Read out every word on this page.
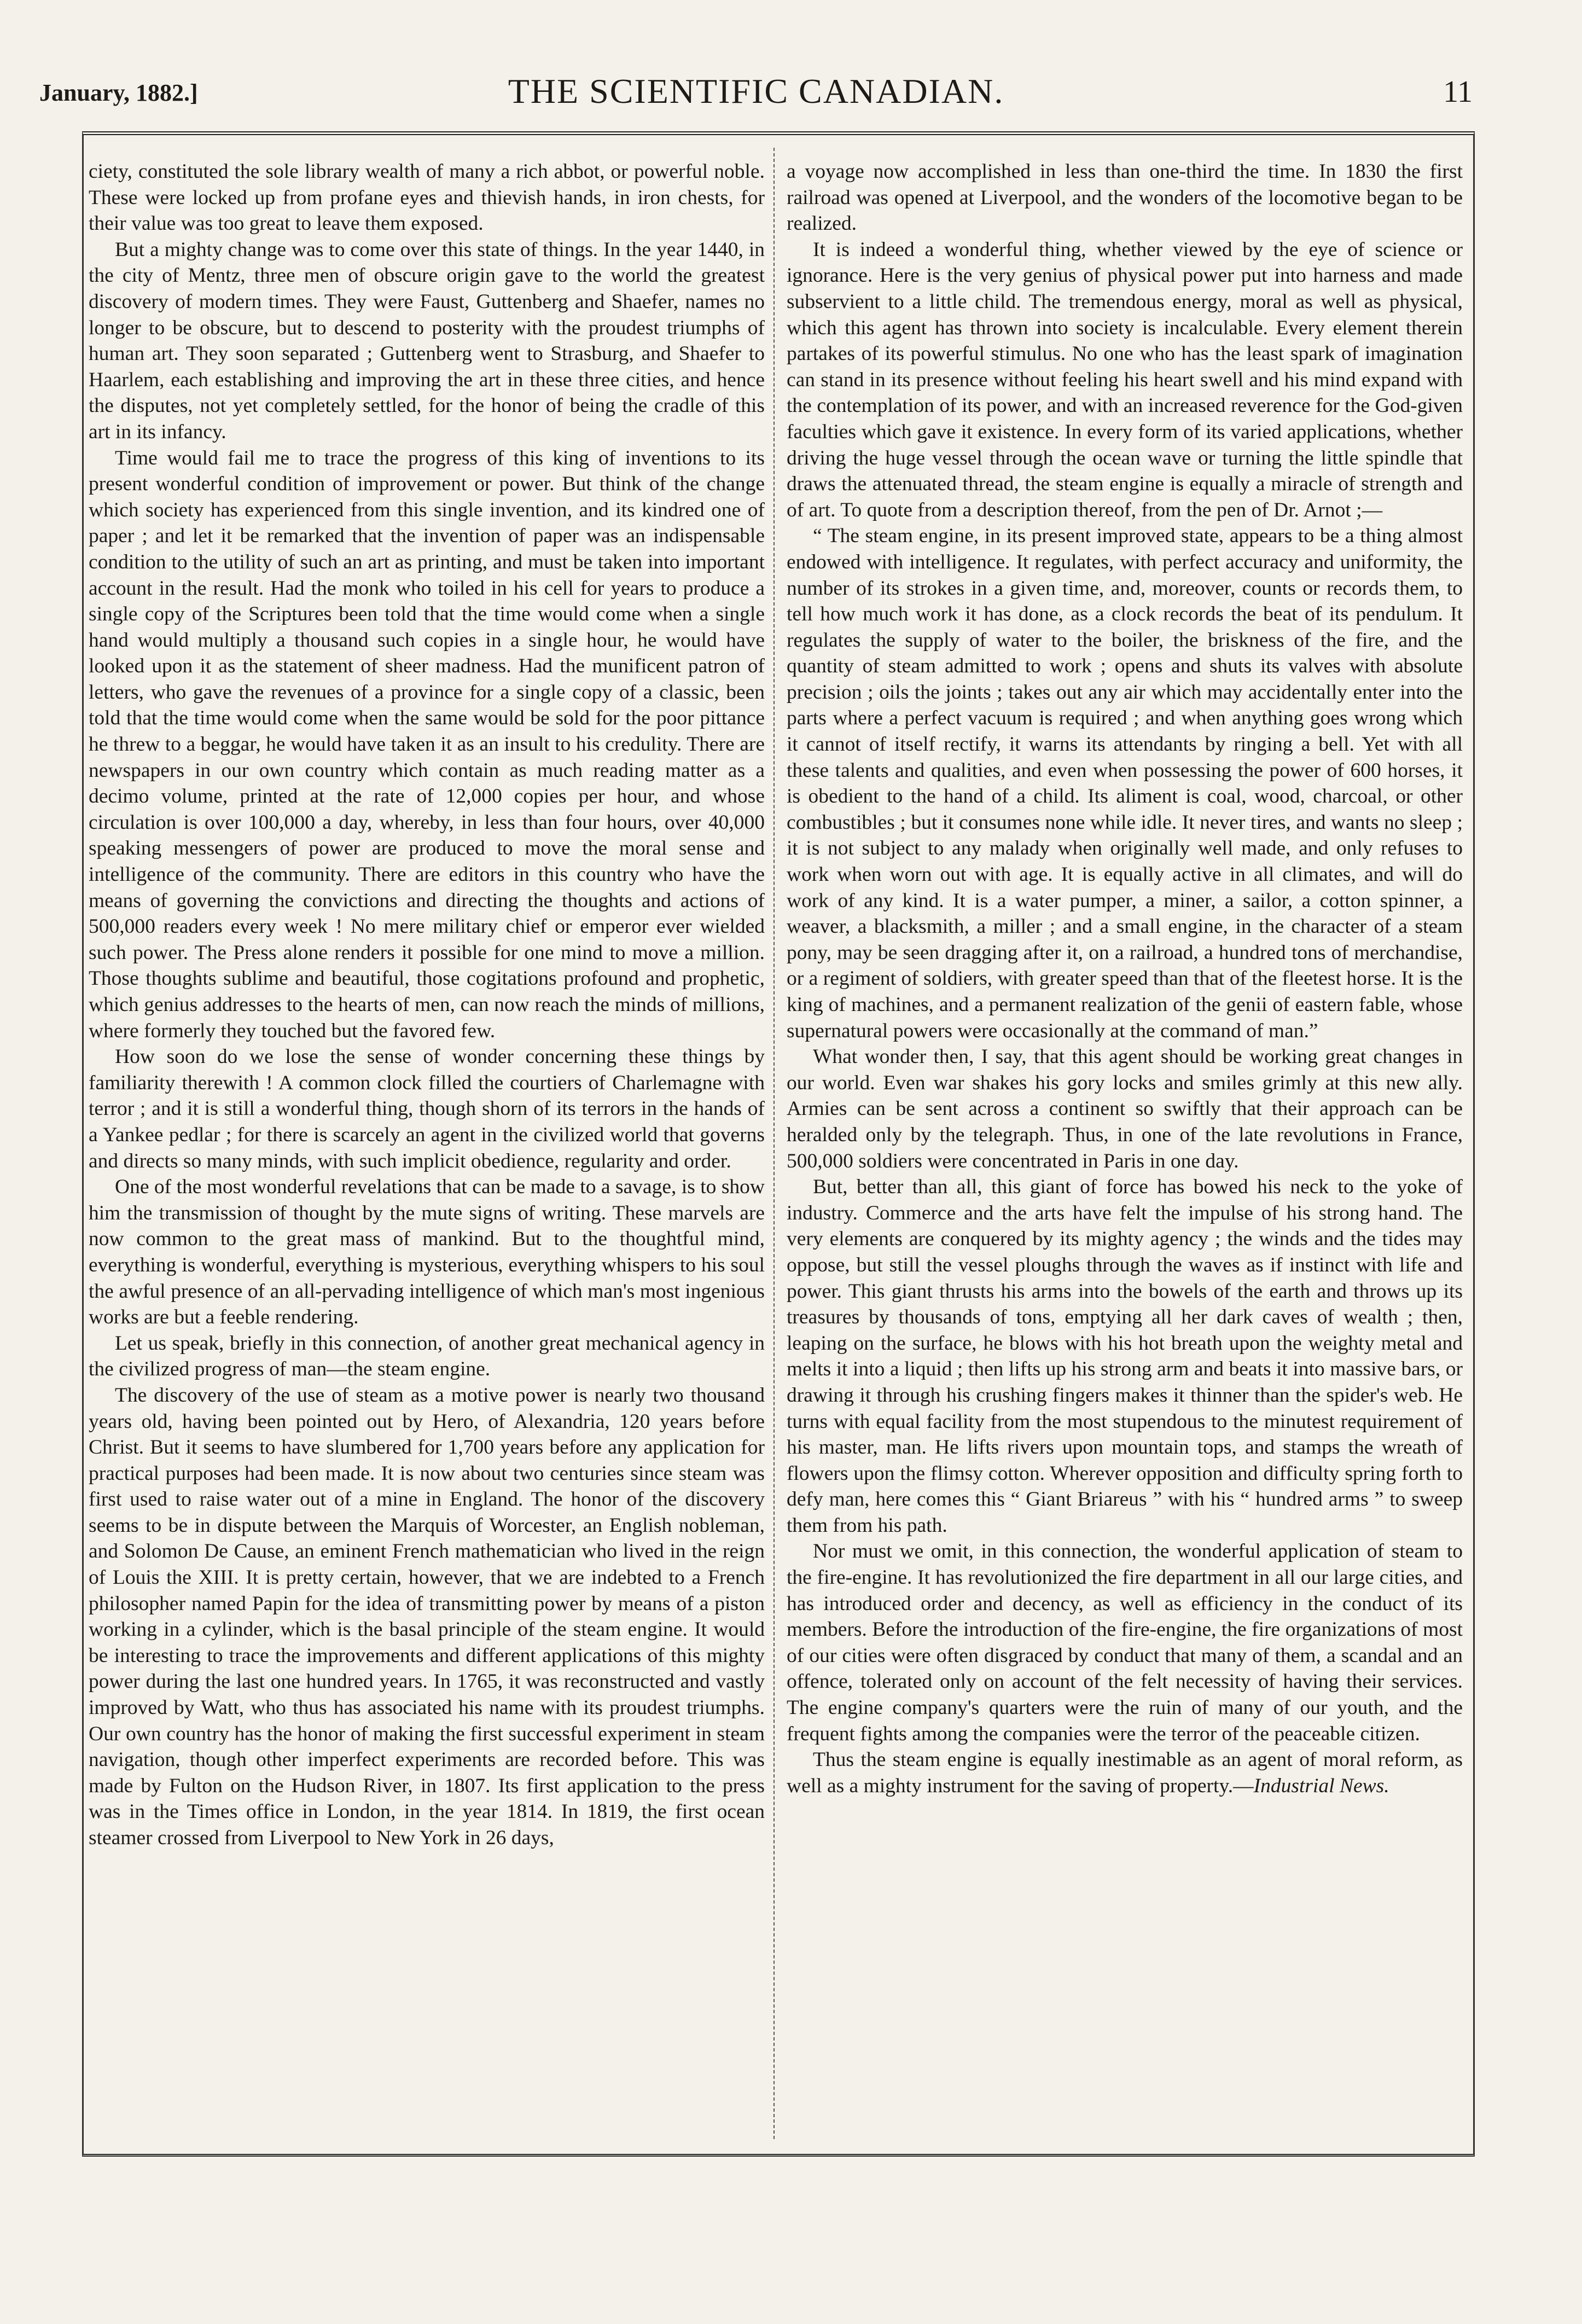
January, 1882.]	THE SCIENTIFIC CANADIAN.	11

ciety, constituted the sole library wealth of many a rich abbot, or powerful noble. These were locked up from profane eyes and thievish hands, in iron chests, for their value was too great to leave them exposed.

But a mighty change was to come over this state of things. In the year 1440, in the city of Mentz, three men of obscure origin gave to the world the greatest discovery of modern times. They were Faust, Guttenberg and Shaefer, names no longer to be obscure, but to descend to posterity with the proudest triumphs of human art. They soon separated ; Guttenberg went to Strasburg, and Shaefer to Haarlem, each establishing and improving the art in these three cities, and hence the disputes, not yet completely settled, for the honor of being the cradle of this art in its infancy.

Time would fail me to trace the progress of this king of inventions to its present wonderful condition of improvement or power. But think of the change which society has experienced from this single invention, and its kindred one of paper ; and let it be remarked that the invention of paper was an indispensable condition to the utility of such an art as printing, and must be taken into important account in the result. Had the monk who toiled in his cell for years to produce a single copy of the Scriptures been told that the time would come when a single hand would multiply a thousand such copies in a single hour, he would have looked upon it as the statement of sheer madness. Had the munificent patron of letters, who gave the revenues of a province for a single copy of a classic, been told that the time would come when the same would be sold for the poor pittance he threw to a beggar, he would have taken it as an insult to his credulity. There are newspapers in our own country which contain as much reading matter as a decimo volume, printed at the rate of 12,000 copies per hour, and whose circulation is over 100,000 a day, whereby, in less than four hours, over 40,000 speaking messengers of power are produced to move the moral sense and intelligence of the community. There are editors in this country who have the means of governing the convictions and directing the thoughts and actions of 500,000 readers every week ! No mere military chief or emperor ever wielded such power. The Press alone renders it possible for one mind to move a million. Those thoughts sublime and beautiful, those cogitations profound and prophetic, which genius addresses to the hearts of men, can now reach the minds of millions, where formerly they touched but the favored few.

How soon do we lose the sense of wonder concerning these things by familiarity therewith ! A common clock filled the courtiers of Charlemagne with terror ; and it is still a wonderful thing, though shorn of its terrors in the hands of a Yankee pedlar ; for there is scarcely an agent in the civilized world that governs and directs so many minds, with such implicit obedience, regularity and order.

One of the most wonderful revelations that can be made to a savage, is to show him the transmission of thought by the mute signs of writing. These marvels are now common to the great mass of mankind. But to the thoughtful mind, everything is wonderful, everything is mysterious, everything whispers to his soul the awful presence of an all-pervading intelligence of which man's most ingenious works are but a feeble rendering.

Let us speak, briefly in this connection, of another great mechanical agency in the civilized progress of man—the steam engine.

The discovery of the use of steam as a motive power is nearly two thousand years old, having been pointed out by Hero, of Alexandria, 120 years before Christ. But it seems to have slumbered for 1,700 years before any application for practical purposes had been made. It is now about two centuries since steam was first used to raise water out of a mine in England. The honor of the discovery seems to be in dispute between the Marquis of Worcester, an English nobleman, and Solomon De Cause, an eminent French mathematician who lived in the reign of Louis the XIII. It is pretty certain, however, that we are indebted to a French philosopher named Papin for the idea of transmitting power by means of a piston working in a cylinder, which is the basal principle of the steam engine. It would be interesting to trace the improvements and different applications of this mighty power during the last one hundred years. In 1765, it was reconstructed and vastly improved by Watt, who thus has associated his name with its proudest triumphs. Our own country has the honor of making the first successful experiment in steam navigation, though other imperfect experiments are recorded before. This was made by Fulton on the Hudson River, in 1807. Its first application to the press was in the Times office in London, in the year 1814. In 1819, the first ocean steamer crossed from Liverpool to New York in 26 days,

a voyage now accomplished in less than one-third the time. In 1830 the first railroad was opened at Liverpool, and the wonders of the locomotive began to be realized.

It is indeed a wonderful thing, whether viewed by the eye of science or ignorance. Here is the very genius of physical power put into harness and made subservient to a little child. The tremendous energy, moral as well as physical, which this agent has thrown into society is incalculable. Every element therein partakes of its powerful stimulus. No one who has the least spark of imagination can stand in its presence without feeling his heart swell and his mind expand with the contemplation of its power, and with an increased reverence for the God-given faculties which gave it existence. In every form of its varied applications, whether driving the huge vessel through the ocean wave or turning the little spindle that draws the attenuated thread, the steam engine is equally a miracle of strength and of art. To quote from a description thereof, from the pen of Dr. Arnot ;—

“ The steam engine, in its present improved state, appears to be a thing almost endowed with intelligence. It regulates, with perfect accuracy and uniformity, the number of its strokes in a given time, and, moreover, counts or records them, to tell how much work it has done, as a clock records the beat of its pendulum. It regulates the supply of water to the boiler, the briskness of the fire, and the quantity of steam admitted to work ; opens and shuts its valves with absolute precision ; oils the joints ; takes out any air which may accidentally enter into the parts where a perfect vacuum is required ; and when anything goes wrong which it cannot of itself rectify, it warns its attendants by ringing a bell. Yet with all these talents and qualities, and even when possessing the power of 600 horses, it is obedient to the hand of a child. Its aliment is coal, wood, charcoal, or other combustibles ; but it consumes none while idle. It never tires, and wants no sleep ; it is not subject to any malady when originally well made, and only refuses to work when worn out with age. It is equally active in all climates, and will do work of any kind. It is a water pumper, a miner, a sailor, a cotton spinner, a weaver, a blacksmith, a miller ; and a small engine, in the character of a steam pony, may be seen dragging after it, on a railroad, a hundred tons of merchandise, or a regiment of soldiers, with greater speed than that of the fleetest horse. It is the king of machines, and a permanent realization of the genii of eastern fable, whose supernatural powers were occasionally at the command of man.”

What wonder then, I say, that this agent should be working great changes in our world. Even war shakes his gory locks and smiles grimly at this new ally. Armies can be sent across a continent so swiftly that their approach can be heralded only by the telegraph. Thus, in one of the late revolutions in France, 500,000 soldiers were concentrated in Paris in one day.

But, better than all, this giant of force has bowed his neck to the yoke of industry. Commerce and the arts have felt the impulse of his strong hand. The very elements are conquered by its mighty agency ; the winds and the tides may oppose, but still the vessel ploughs through the waves as if instinct with life and power. This giant thrusts his arms into the bowels of the earth and throws up its treasures by thousands of tons, emptying all her dark caves of wealth ; then, leaping on the surface, he blows with his hot breath upon the weighty metal and melts it into a liquid ; then lifts up his strong arm and beats it into massive bars, or drawing it through his crushing fingers makes it thinner than the spider's web. He turns with equal facility from the most stupendous to the minutest requirement of his master, man. He lifts rivers upon mountain tops, and stamps the wreath of flowers upon the flimsy cotton. Wherever opposition and difficulty spring forth to defy man, here comes this “ Giant Briareus ” with his “ hundred arms ” to sweep them from his path.

Nor must we omit, in this connection, the wonderful application of steam to the fire-engine. It has revolutionized the fire department in all our large cities, and has introduced order and decency, as well as efficiency in the conduct of its members. Before the introduction of the fire-engine, the fire organizations of most of our cities were often disgraced by conduct that many of them, a scandal and an offence, tolerated only on account of the felt necessity of having their services. The engine company's quarters were the ruin of many of our youth, and the frequent fights among the companies were the terror of the peaceable citizen.

Thus the steam engine is equally inestimable as an agent of moral reform, as well as a mighty instrument for the saving of property.—Industrial News.
